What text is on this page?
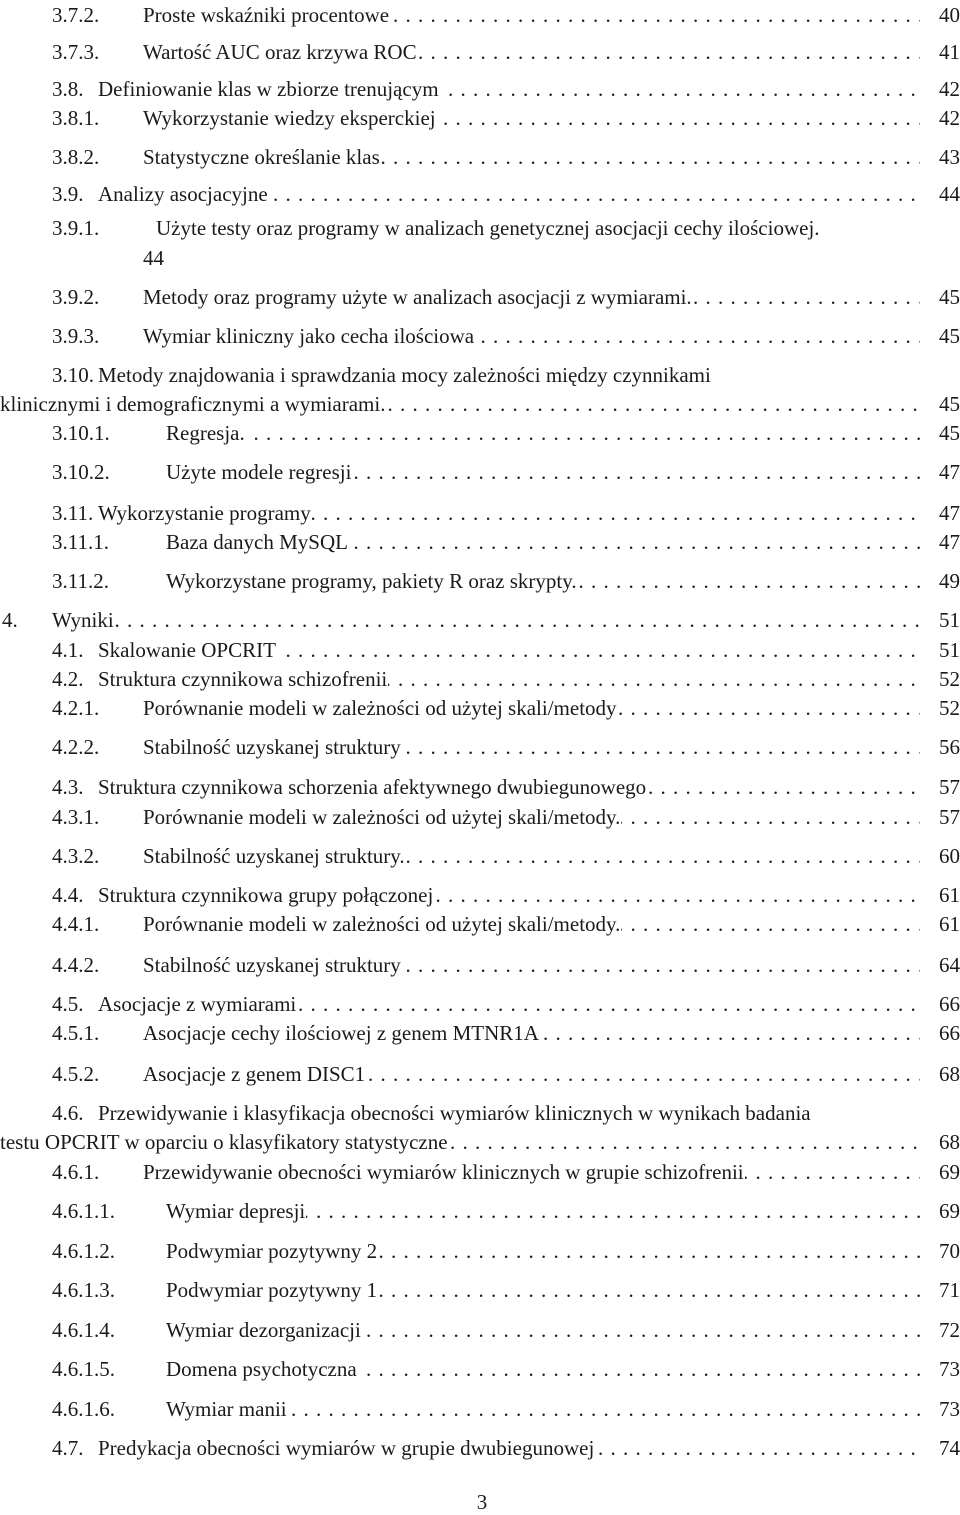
3.7.2. Proste wskaźniki procentowe . . .	40
3.7.3. Wartość AUC oraz krzywa ROC . . .	41
3.8. Definiowanie klas w zbiorze trenującym . . .	42
3.8.1. Wykorzystanie wiedzy eksperckiej . . .	42
3.8.2. Statystyczne określanie klas . . .	43
3.9. Analizy asocjacyjne . . .	44
3.9.1.	Użyte testy oraz programy w analizach genetycznej asocjacji cechy ilościowej.
44
3.9.2. Metody oraz programy użyte w analizach asocjacji z wymiarami. . . .	45
3.9.3. Wymiar kliniczny jako cecha ilościowa . . .	45
3.10. Metody znajdowania i sprawdzania mocy zależności między czynnikami
klinicznymi i demograficznymi a wymiarami. . . .	45
3.10.1.	Regresja. . . .	45
3.10.2.	Użyte modele regresji . . .	47
3.11. Wykorzystanie programy . . .	47
3.11.1.	Baza danych MySQL . . .	47
3.11.2.	Wykorzystane programy, pakiety R oraz skrypty. . . .	49
4. Wyniki . . .	51
4.1. Skalowanie OPCRIT . . .	51
4.2. Struktura czynnikowa schizofrenii . . .	52
4.2.1. Porównanie modeli w zależności od użytej skali/metody . . .	52
4.2.2. Stabilność uzyskanej struktury . . .	56
4.3. Struktura czynnikowa schorzenia afektywnego dwubiegunowego . . .	57
4.3.1. Porównanie modeli w zależności od użytej skali/metody. . . .	57
4.3.2. Stabilność uzyskanej struktury. . . .	60
4.4. Struktura czynnikowa grupy połączonej . . .	61
4.4.1. Porównanie modeli w zależności od użytej skali/metody. . . .	61
4.4.2. Stabilność uzyskanej struktury . . .	64
4.5. Asocjacje z wymiarami . . .	66
4.5.1. Asocjacje cechy ilościowej z genem MTNR1A . . .	66
4.5.2. Asocjacje z genem DISC1 . . .	68
4.6. Przewidywanie i klasyfikacja obecności wymiarów klinicznych w wynikach badania
testu OPCRIT w oparciu o klasyfikatory statystyczne . . .	68
4.6.1. Przewidywanie obecności wymiarów klinicznych w grupie schizofrenii . . .	69
4.6.1.1. Wymiar depresji . . .	69
4.6.1.2. Podwymiar pozytywny 2 . . .	70
4.6.1.3. Podwymiar pozytywny 1 . . .	71
4.6.1.4. Wymiar dezorganizacji . . .	72
4.6.1.5. Domena psychotyczna . . .	73
4.6.1.6. Wymiar manii . . .	73
4.7. Predykacja obecności wymiarów w grupie dwubiegunowej . . .	74
3
